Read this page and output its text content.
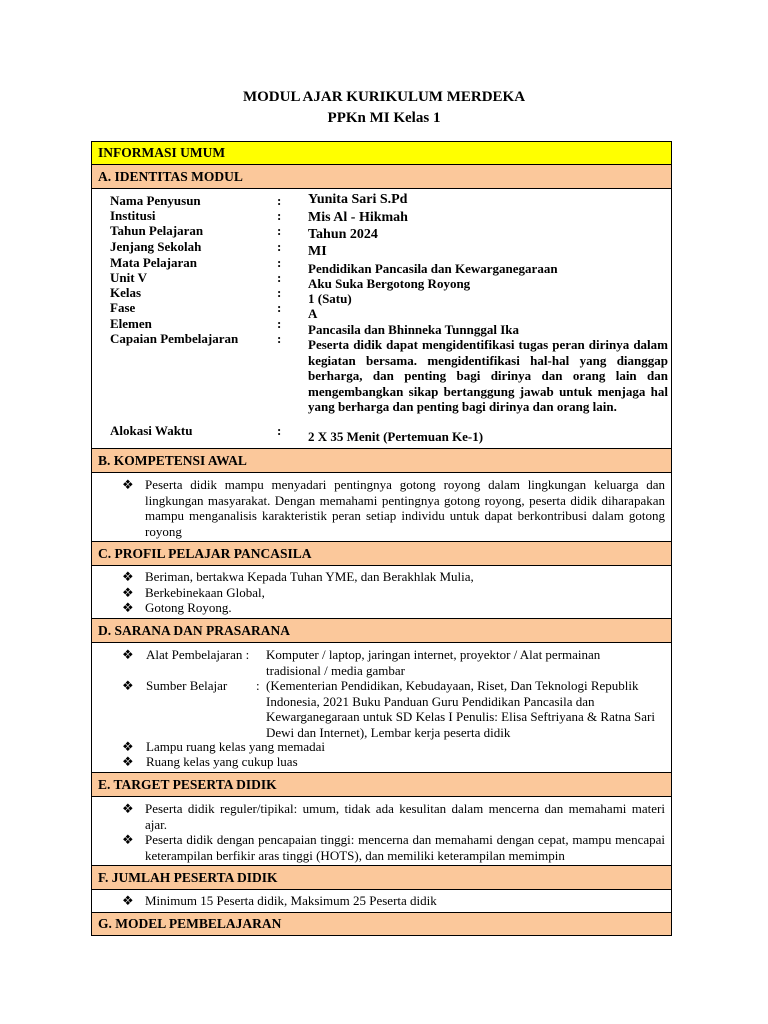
MODUL AJAR KURIKULUM MERDEKA
PPKn MI Kelas 1
INFORMASI UMUM
A. IDENTITAS MODUL
Nama Penyusun
Institusi
Tahun Pelajaran
Jenjang Sekolah
Mata Pelajaran
Unit V
Kelas
Fase
Elemen
Capaian Pembelajaran
Alokasi Waktu
:
:
:
:
:
:
:
:
:
:
:
Yunita Sari S.Pd
Mis Al - Hikmah
Tahun 2024
MI
Pendidikan Pancasila dan Kewarganegaraan
Aku Suka Bergotong Royong
1 (Satu)
A
Pancasila dan Bhinneka Tunnggal Ika
Peserta didik dapat mengidentifikasi tugas peran dirinya dalam kegiatan bersama. mengidentifikasi hal-hal yang dianggap berharga, dan penting bagi dirinya dan orang lain dan mengembangkan sikap bertanggung jawab untuk menjaga hal yang berharga dan penting bagi dirinya dan orang lain.
2 X 35 Menit (Pertemuan Ke-1)
B. KOMPETENSI AWAL
❖ Peserta didik mampu menyadari pentingnya gotong royong dalam lingkungan keluarga dan lingkungan masyarakat. Dengan memahami pentingnya gotong royong, peserta didik diharapakan mampu menganalisis karakteristik peran setiap individu untuk dapat berkontribusi dalam gotong royong
C. PROFIL PELAJAR PANCASILA
❖ Beriman, bertakwa Kepada Tuhan YME, dan Berakhlak Mulia,
❖ Berkebinekaan Global,
❖ Gotong Royong.
D. SARANA DAN PRASARANA
❖ Alat Pembelajaran : Komputer / laptop, jaringan internet, proyektor / Alat permainan tradisional / media gambar
❖ Sumber Belajar : (Kementerian Pendidikan, Kebudayaan, Riset, Dan Teknologi Republik Indonesia, 2021 Buku Panduan Guru Pendidikan Pancasila dan Kewarganegaraan untuk SD Kelas I Penulis: Elisa Seftriyana & Ratna Sari Dewi dan Internet), Lembar kerja peserta didik
❖ Lampu ruang kelas yang memadai
❖ Ruang kelas yang cukup luas
E. TARGET PESERTA DIDIK
❖ Peserta didik reguler/tipikal: umum, tidak ada kesulitan dalam mencerna dan memahami materi ajar.
❖ Peserta didik dengan pencapaian tinggi: mencerna dan memahami dengan cepat, mampu mencapai keterampilan berfikir aras tinggi (HOTS), dan memiliki keterampilan memimpin
F. JUMLAH PESERTA DIDIK
❖ Minimum 15 Peserta didik, Maksimum 25 Peserta didik
G. MODEL PEMBELAJARAN
